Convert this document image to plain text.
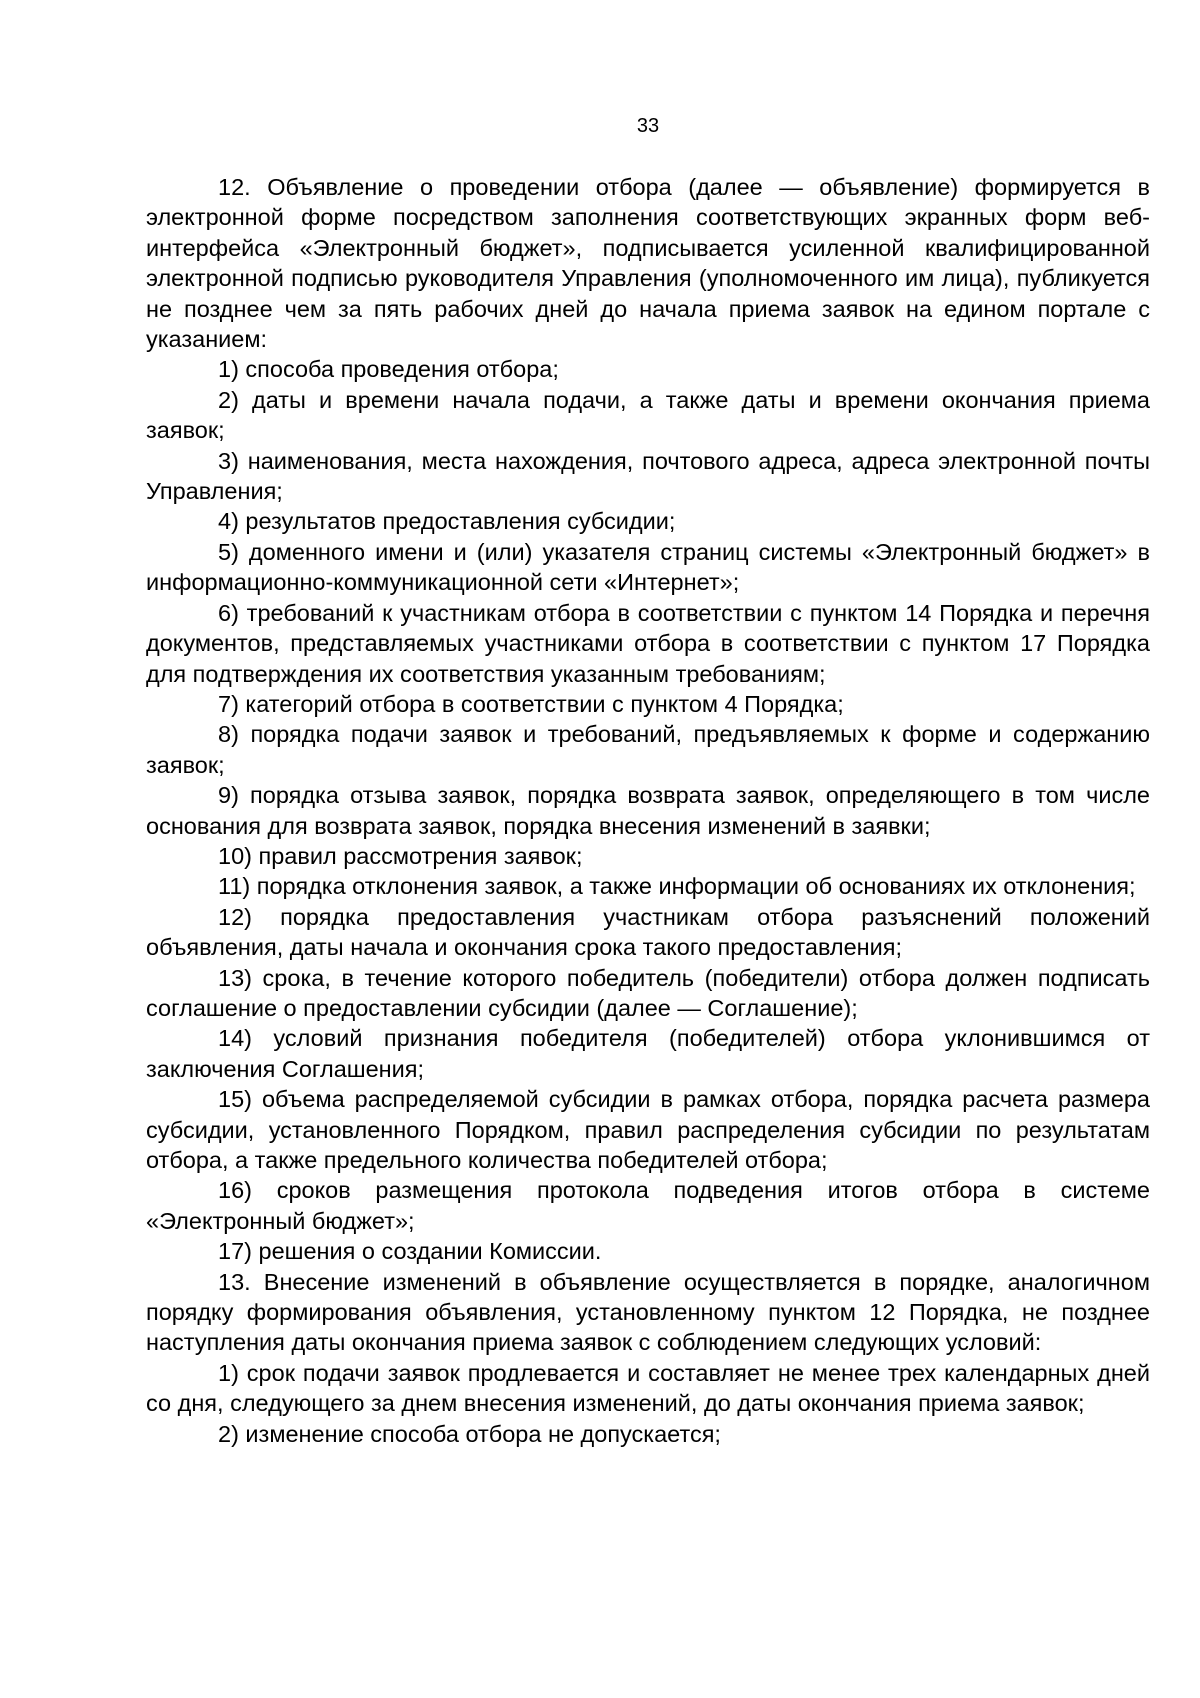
33

12. Объявление о проведении отбора (далее — объявление) формируется в электронной форме посредством заполнения соответствующих экранных форм веб-интерфейса «Электронный бюджет», подписывается усиленной квалифицированной электронной подписью руководителя Управления (уполномоченного им лица), публикуется не позднее чем за пять рабочих дней до начала приема заявок на едином портале с указанием:

1) способа проведения отбора;

2) даты и времени начала подачи, а также даты и времени окончания приема заявок;

3) наименования, места нахождения, почтового адреса, адреса электронной почты Управления;

4) результатов предоставления субсидии;

5) доменного имени и (или) указателя страниц системы «Электронный бюджет» в информационно-коммуникационной сети «Интернет»;

6) требований к участникам отбора в соответствии с пунктом 14 Порядка и перечня документов, представляемых участниками отбора в соответствии с пунктом 17 Порядка для подтверждения их соответствия указанным требованиям;

7) категорий отбора в соответствии с пунктом 4 Порядка;

8) порядка подачи заявок и требований, предъявляемых к форме и содержанию заявок;

9) порядка отзыва заявок, порядка возврата заявок, определяющего в том числе основания для возврата заявок, порядка внесения изменений в заявки;

10) правил рассмотрения заявок;

11) порядка отклонения заявок, а также информации об основаниях их отклонения;

12) порядка предоставления участникам отбора разъяснений положений объявления, даты начала и окончания срока такого предоставления;

13) срока, в течение которого победитель (победители) отбора должен подписать соглашение о предоставлении субсидии (далее — Соглашение);

14) условий признания победителя (победителей) отбора уклонившимся от заключения Соглашения;

15) объема распределяемой субсидии в рамках отбора, порядка расчета размера субсидии, установленного Порядком, правил распределения субсидии по результатам отбора, а также предельного количества победителей отбора;

16) сроков размещения протокола подведения итогов отбора в системе «Электронный бюджет»;

17) решения о создании Комиссии.

13. Внесение изменений в объявление осуществляется в порядке, аналогичном порядку формирования объявления, установленному пунктом 12 Порядка, не позднее наступления даты окончания приема заявок с соблюдением следующих условий:

1) срок подачи заявок продлевается и составляет не менее трех календарных дней со дня, следующего за днем внесения изменений, до даты окончания приема заявок;

2) изменение способа отбора не допускается;
